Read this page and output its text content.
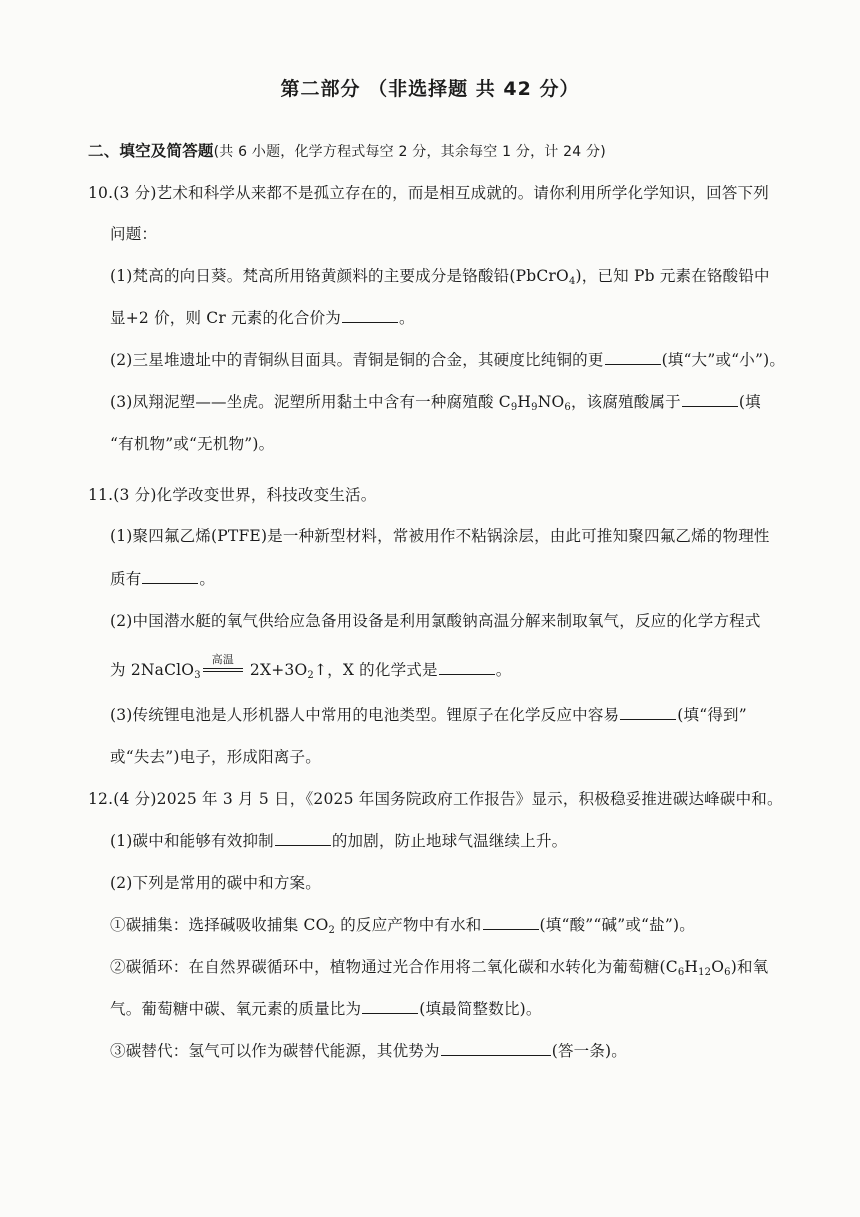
第二部分 （非选择题 共 42 分）
二、填空及简答题(共 6 小题，化学方程式每空 2 分，其余每空 1 分，计 24 分)
10.(3 分)艺术和科学从来都不是孤立存在的，而是相互成就的。请你利用所学化学知识，回答下列
问题：
(1)梵高的向日葵。梵高所用铬黄颜料的主要成分是铬酸铅(PbCrO$_4$)，已知 Pb 元素在铬酸铅中
显+2 价，则 Cr 元素的化合价为	。
(2)三星堆遗址中的青铜纵目面具。青铜是铜的合金，其硬度比纯铜的更	(填“大”或“小”)。
(3)凤翔泥塑——坐虎。泥塑所用黏土中含有一种腐殖酸 $C_9H_9NO_6$，该腐殖酸属于	(填
“有机物”或“无机物”)。
11.(3 分)化学改变世界，科技改变生活。
(1)聚四氟乙烯(PTFE)是一种新型材料，常被用作不粘锅涂层，由此可推知聚四氟乙烯的物理性
质有	。
(2)中国潜水艇的氧气供给应急备用设备是利用氯酸钠高温分解来制取氧气，反应的化学方程式
为 2NaClO$_3$
高温
$2X+3O_2↑$，X 的化学式是	。
(3)传统锂电池是人形机器人中常用的电池类型。锂原子在化学反应中容易	(填“得到”
或“失去”)电子，形成阳离子。
12.(4 分)2025 年 3 月 5 日，《2025 年国务院政府工作报告》显示，积极稳妥推进碳达峰碳中和。
(1)碳中和能够有效抑制	的加剧，防止地球气温继续上升。
(2)下列是常用的碳中和方案。
①碳捕集：选择碱吸收捕集 $CO_2$ 的反应产物中有水和	(填“酸”“碱”或“盐”)。
②碳循环：在自然界碳循环中，植物通过光合作用将二氧化碳和水转化为葡萄糖$(C_6H_{12}O_6)$和氧
气。葡萄糖中碳、氧元素的质量比为	(填最简整数比)。
③碳替代：氢气可以作为碳替代能源，其优势为	(答一条)。
